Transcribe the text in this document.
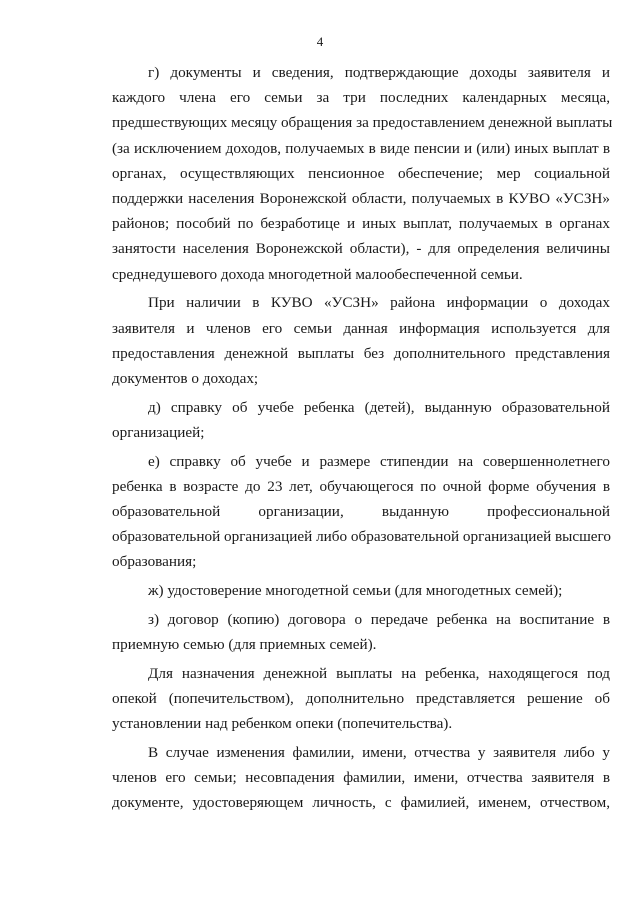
4
г) документы и сведения, подтверждающие доходы заявителя и
каждого члена его семьи за три последних календарных месяца,
предшествующих месяцу обращения за предоставлением денежной выплаты
(за исключением доходов, получаемых в виде пенсии и (или) иных выплат в
органах, осуществляющих пенсионное обеспечение; мер социальной
поддержки населения Воронежской области, получаемых в КУВО «УСЗН»
районов; пособий по безработице и иных выплат, получаемых в органах
занятости населения Воронежской области), - для определения величины
среднедушевого дохода многодетной малообеспеченной семьи.
При наличии в КУВО «УСЗН» района информации о доходах
заявителя и членов его семьи данная информация используется для
предоставления денежной выплаты без дополнительного представления
документов о доходах;
д) справку об учебе ребенка (детей), выданную образовательной
организацией;
е) справку об учебе и размере стипендии на совершеннолетнего
ребенка в возрасте до 23 лет, обучающегося по очной форме обучения в
образовательной организации, выданную профессиональной
образовательной организацией либо образовательной организацией высшего
образования;
ж) удостоверение многодетной семьи (для многодетных семей);
з) договор (копию) договора о передаче ребенка на воспитание в
приемную семью (для приемных семей).
Для назначения денежной выплаты на ребенка, находящегося под
опекой (попечительством), дополнительно представляется решение об
установлении над ребенком опеки (попечительства).
В случае изменения фамилии, имени, отчества у заявителя либо у
членов его семьи; несовпадения фамилии, имени, отчества заявителя в
документе, удостоверяющем личность, с фамилией, именем, отчеством,
